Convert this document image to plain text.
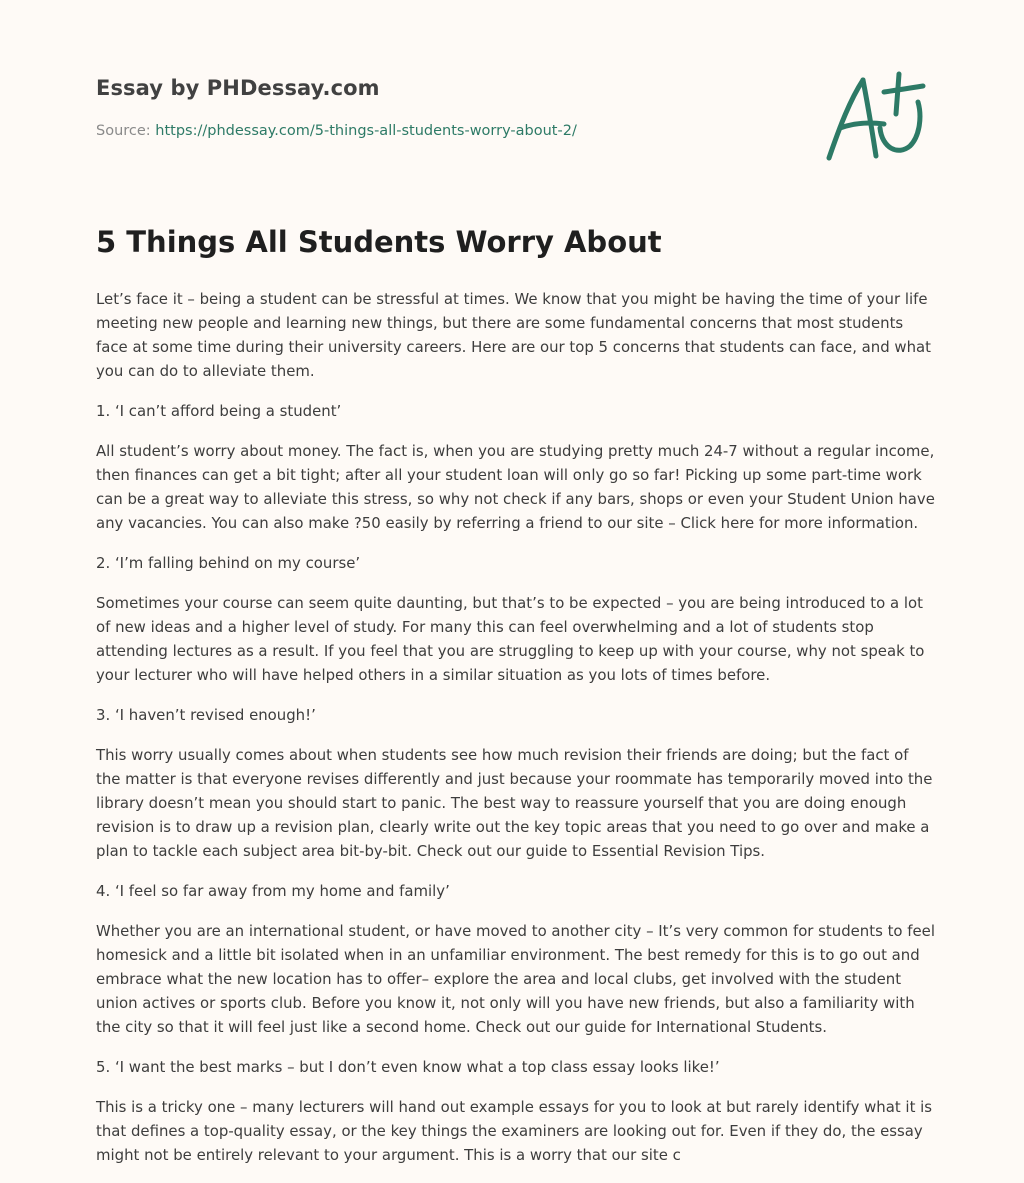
Essay by PHDessay.com

Source: https://phdessay.com/5-things-all-students-worry-about-2/

5 Things All Students Worry About

Let’s face it – being a student can be stressful at times. We know that you might be having the time of your life meeting new people and learning new things, but there are some fundamental concerns that most students face at some time during their university careers. Here are our top 5 concerns that students can face, and what you can do to alleviate them.

1. ‘I can’t afford being a student’

All student’s worry about money. The fact is, when you are studying pretty much 24-7 without a regular income, then finances can get a bit tight; after all your student loan will only go so far! Picking up some part-time work can be a great way to alleviate this stress, so why not check if any bars, shops or even your Student Union have any vacancies. You can also make ?50 easily by referring a friend to our site – Click here for more information.

2. ‘I’m falling behind on my course’

Sometimes your course can seem quite daunting, but that’s to be expected – you are being introduced to a lot of new ideas and a higher level of study. For many this can feel overwhelming and a lot of students stop attending lectures as a result. If you feel that you are struggling to keep up with your course, why not speak to your lecturer who will have helped others in a similar situation as you lots of times before.

3. ‘I haven’t revised enough!’

This worry usually comes about when students see how much revision their friends are doing; but the fact of the matter is that everyone revises differently and just because your roommate has temporarily moved into the library doesn’t mean you should start to panic. The best way to reassure yourself that you are doing enough revision is to draw up a revision plan, clearly write out the key topic areas that you need to go over and make a plan to tackle each subject area bit-by-bit. Check out our guide to Essential Revision Tips.

4. ‘I feel so far away from my home and family’

Whether you are an international student, or have moved to another city – It’s very common for students to feel homesick and a little bit isolated when in an unfamiliar environment. The best remedy for this is to go out and embrace what the new location has to offer– explore the area and local clubs, get involved with the student union actives or sports club. Before you know it, not only will you have new friends, but also a familiarity with the city so that it will feel just like a second home. Check out our guide for International Students.

5. ‘I want the best marks – but I don’t even know what a top class essay looks like!’

This is a tricky one – many lecturers will hand out example essays for you to look at but rarely identify what it is that defines a top-quality essay, or the key things the examiners are looking out for. Even if they do, the essay might not be entirely relevant to your argument. This is a worry that our site c
